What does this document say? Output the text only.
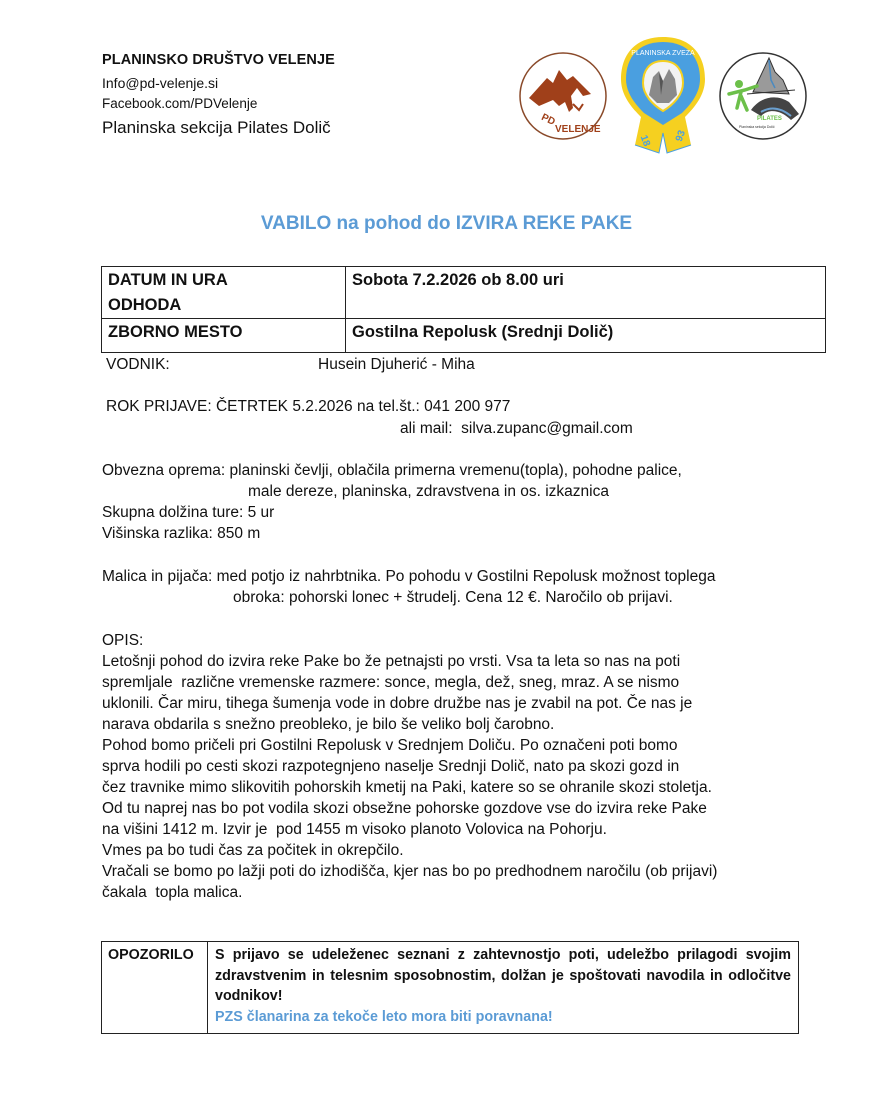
PLANINSKO DRUŠTVO VELENJE
Info@pd-velenje.si
Facebook.com/PDVelenje
Planinska sekcija Pilates Dolič	PD
VELENJE
PLANINSKA ZVEZA
18 93
PILATES
Planinska sekcija Dolič
VABILO na pohod do IZVIRA REKE PAKE
DATUM IN URA ODHODA	Sobota 7.2.2026 ob 8.00 uri
ZBORNO MESTO	Gostilna Repolusk (Srednji Dolič)
VODNIK:	Husein Djuherić - Miha
ROK PRIJAVE: ČETRTEK 5.2.2026 na tel.št.: 041 200 977
ali mail:  silva.zupanc@gmail.com
Obvezna oprema: planinski čevlji, oblačila primerna vremenu(topla), pohodne palice,
male dereze, planinska, zdravstvena in os. izkaznica
Skupna dolžina ture: 5 ur
Višinska razlika: 850 m
Malica in pijača: med potjo iz nahrbtnika. Po pohodu v Gostilni Repolusk možnost toplega
obroka: pohorski lonec + štrudelj. Cena 12 €. Naročilo ob prijavi.
OPIS:
Letošnji pohod do izvira reke Pake bo že petnajsti po vrsti. Vsa ta leta so nas na poti
spremljale  različne vremenske razmere: sonce, megla, dež, sneg, mraz. A se nismo
uklonili. Čar miru, tihega šumenja vode in dobre družbe nas je zvabil na pot. Če nas je
narava obdarila s snežno preobleko, je bilo še veliko bolj čarobno.
Pohod bomo pričeli pri Gostilni Repolusk v Srednjem Doliču. Po označeni poti bomo
sprva hodili po cesti skozi razpotegnjeno naselje Srednji Dolič, nato pa skozi gozd in
čez travnike mimo slikovitih pohorskih kmetij na Paki, katere so se ohranile skozi stoletja.
Od tu naprej nas bo pot vodila skozi obsežne pohorske gozdove vse do izvira reke Pake
na višini 1412 m. Izvir je  pod 1455 m visoko planoto Volovica na Pohorju.
Vmes pa bo tudi čas za počitek in okrepčilo.
Vračali se bomo po lažji poti do izhodišča, kjer nas bo po predhodnem naročilu (ob prijavi)
čakala  topla malica.
OPOZORILO	S prijavo se udeleženec seznani z zahtevnostjo poti, udeležbo prilagodi svojim zdravstvenim in telesnim sposobnostim, dolžan je spoštovati navodila in odločitve vodnikov!
PZS članarina za tekoče leto mora biti poravnana!
